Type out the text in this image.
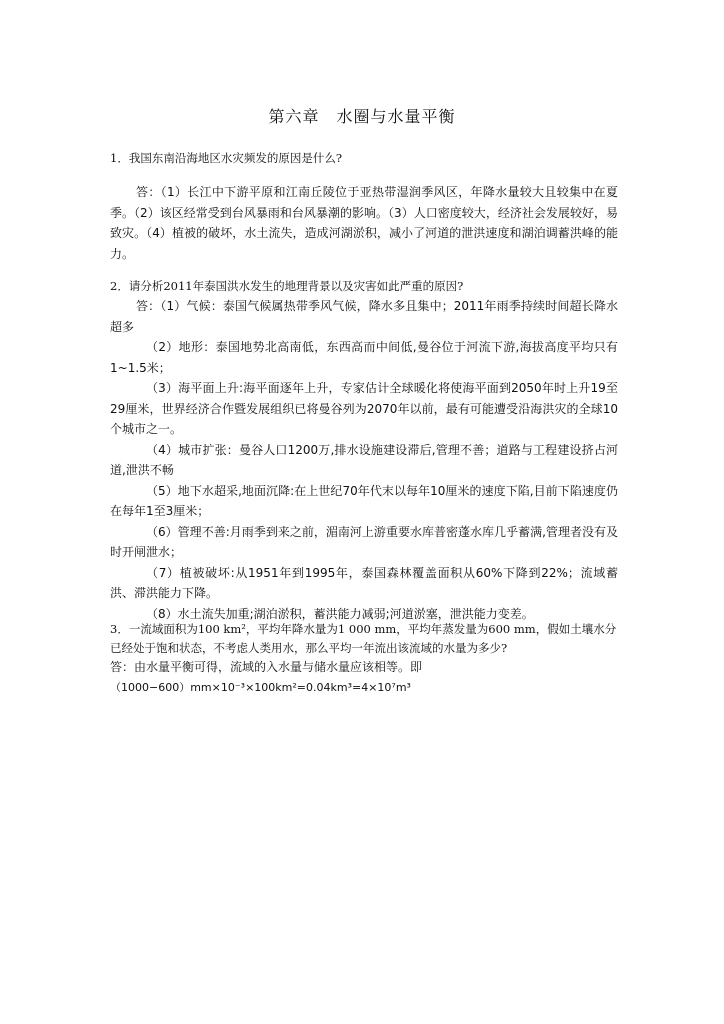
第六章　水圈与水量平衡

1．我国东南沿海地区水灾频发的原因是什么?

答：（1）长江中下游平原和江南丘陵位于亚热带湿润季风区，年降水量较大且较集中在夏季。（2）该区经常受到台风暴雨和台风暴潮的影响。（3）人口密度较大，经济社会发展较好，易致灾。（4）植被的破坏，水土流失，造成河湖淤积，减小了河道的泄洪速度和湖泊调蓄洪峰的能力。

2．请分析2011年泰国洪水发生的地理背景以及灾害如此严重的原因?

答：（1）气候：泰国气候属热带季风气候，降水多且集中；2011年雨季持续时间超长降水超多

（2）地形：泰国地势北高南低，东西高而中间低,曼谷位于河流下游,海拔高度平均只有1~1.5米；

（3）海平面上升:海平面逐年上升，专家估计全球暖化将使海平面到2050年时上升19至29厘米，世界经济合作暨发展组织已将曼谷列为2070年以前，最有可能遭受沿海洪灾的全球10个城市之一。

（4）城市扩张：曼谷人口1200万,排水设施建设滞后,管理不善；道路与工程建设挤占河道,泄洪不畅

（5）地下水超采,地面沉降:在上世纪70年代末以每年10厘米的速度下陷,目前下陷速度仍在每年1至3厘米；

（6）管理不善:月雨季到来之前，湄南河上游重要水库普密蓬水库几乎蓄满,管理者没有及时开闸泄水；

（7）植被破坏:从1951年到1995年，泰国森林覆盖面积从60%下降到22%；流域蓄洪、滞洪能力下降。

（8）水土流失加重;湖泊淤积，蓄洪能力减弱;河道淤塞，泄洪能力变差。

3．一流域面积为100 km²，平均年降水量为1 000 mm，平均年蒸发量为600 mm，假如土壤水分已经处于饱和状态，不考虑人类用水，那么平均一年流出该流域的水量为多少?

答：由水量平衡可得，流域的入水量与储水量应该相等。即

（1000−600）mm×10⁻³×100km²=0.04km³=4×10⁷m³
